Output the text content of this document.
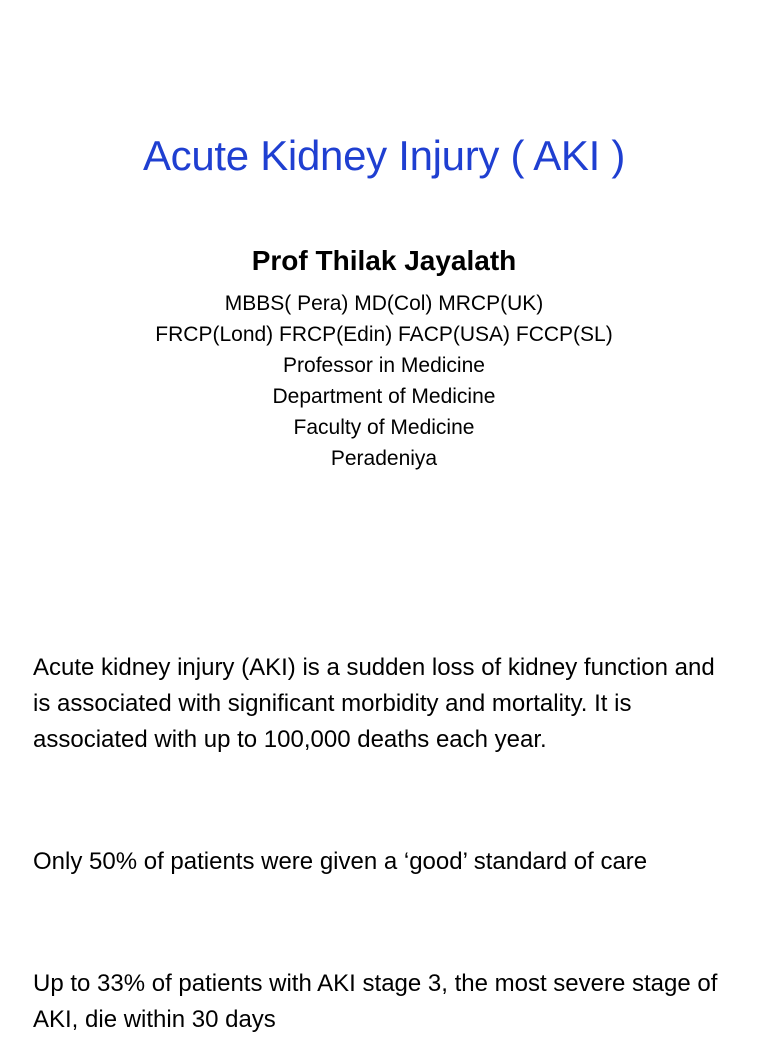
Acute Kidney Injury ( AKI )

Prof Thilak Jayalath

MBBS( Pera) MD(Col) MRCP(UK)

FRCP(Lond) FRCP(Edin) FACP(USA) FCCP(SL)

Professor in Medicine

Department of Medicine

Faculty of Medicine

Peradeniya

Acute kidney injury (AKI) is a sudden loss of kidney function and is associated with significant morbidity and mortality. It is associated with up to 100,000 deaths each year.

Only 50% of patients were given a ‘good’ standard of care

Up to 33% of patients with AKI stage 3, the most severe stage of AKI, die within 30 days
